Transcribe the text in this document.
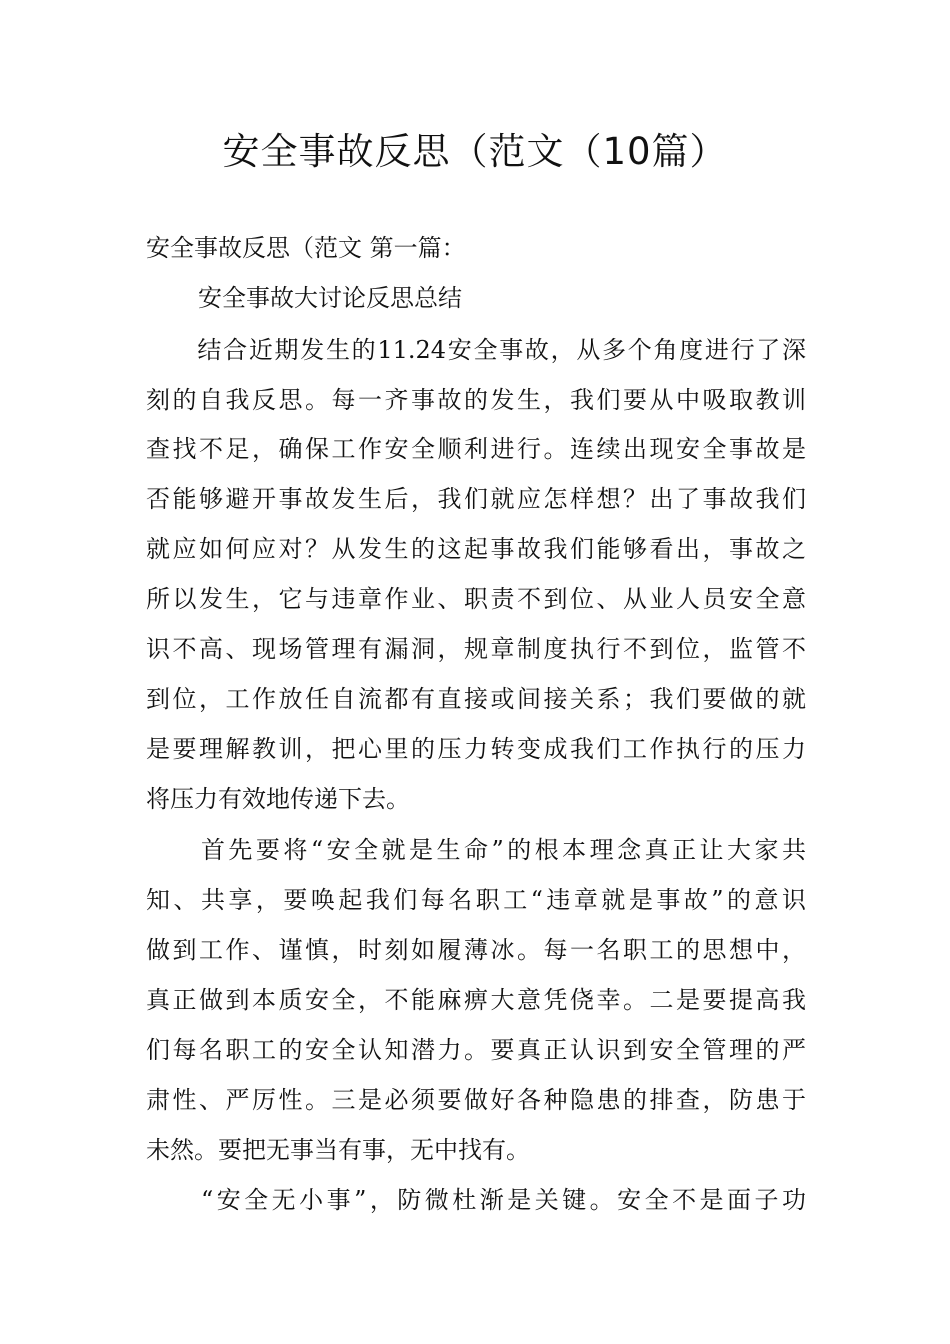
安全事故反思（范文（10篇）

安全事故反思（范文 第一篇：

安全事故大讨论反思总结

　　结合近期发生的11.24安全事故，从多个角度进行了深

刻的自我反思。每一齐事故的发生，我们要从中吸取教训

查找不足，确保工作安全顺利进行。连续出现安全事故是

否能够避开事故发生后，我们就应怎样想？出了事故我们

就应如何应对？从发生的这起事故我们能够看出，事故之

所以发生，它与违章作业、职责不到位、从业人员安全意

识不高、现场管理有漏洞，规章制度执行不到位，监管不

到位，工作放任自流都有直接或间接关系；我们要做的就

是要理解教训，把心里的压力转变成我们工作执行的压力

将压力有效地传递下去。

　　首先要将“安全就是生命”的根本理念真正让大家共

知、共享，要唤起我们每名职工“违章就是事故”的意识

做到工作、谨慎，时刻如履薄冰。每一名职工的思想中，

真正做到本质安全，不能麻痹大意凭侥幸。二是要提高我

们每名职工的安全认知潜力。要真正认识到安全管理的严

肃性、严厉性。三是必须要做好各种隐患的排查，防患于

未然。要把无事当有事，无中找有。

　　“安全无小事”，防微杜渐是关键。安全不是面子功
